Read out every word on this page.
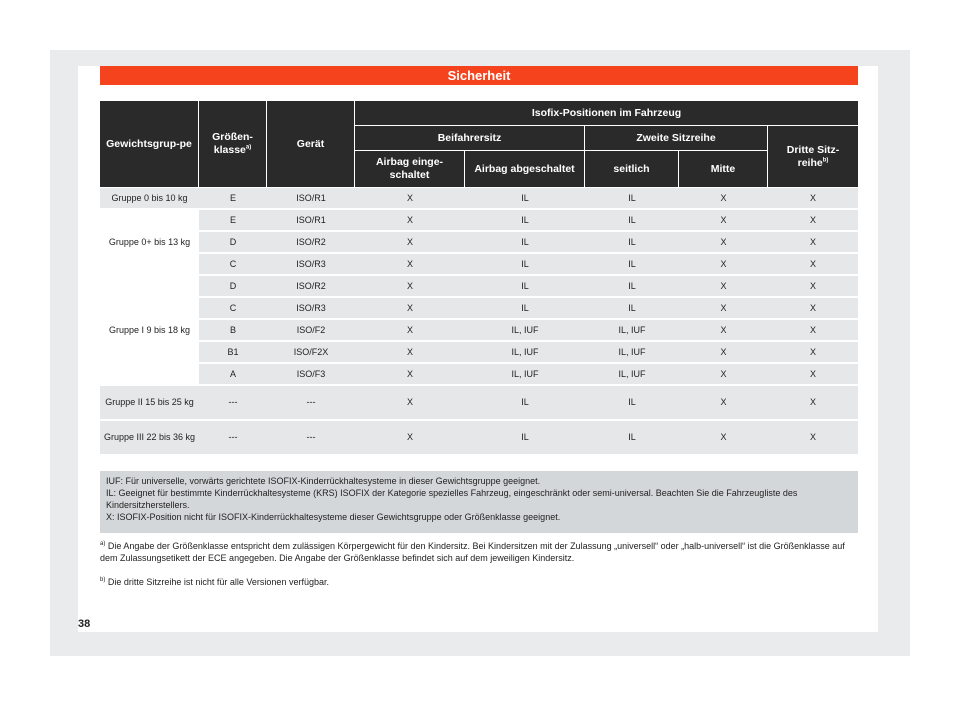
Sicherheit
Gewichtsgrup-pe	Größen-klasse$^{a)}$	Gerät	Isofix-Positionen im Fahrzeug				
			Beifahrersitz		Zweite Sitzreihe		Dritte Sitz-reihe$^{b)}$
			Airbag einge-schaltet	Airbag abgeschaltet	seitlich	Mitte	
Gruppe 0 bis 10 kg	E	ISO/R1	X	IL	IL	X	X
Gruppe 0+ bis 13 kg	E	ISO/R1	X	IL	IL	X	X
	D	ISO/R2	X	IL	IL	X	X
	C	ISO/R3	X	IL	IL	X	X
Gruppe I 9 bis 18 kg	D	ISO/R2	X	IL	IL	X	X
	C	ISO/R3	X	IL	IL	X	X
	B	ISO/F2	X	IL, IUF	IL, IUF	X	X
	B1	ISO/F2X	X	IL, IUF	IL, IUF	X	X
	A	ISO/F3	X	IL, IUF	IL, IUF	X	X
Gruppe II 15 bis 25 kg	---	---	X	IL	IL	X	X
Gruppe III 22 bis 36 kg	---	---	X	IL	IL	X	X
IUF: Für universelle, vorwärts gerichtete ISOFIX-Kinderrückhaltesysteme in dieser Gewichtsgruppe geeignet.
IL: Geeignet für bestimmte Kinderrückhaltesysteme (KRS) ISOFIX der Kategorie spezielles Fahrzeug, eingeschränkt oder semi-universal. Beachten Sie die Fahrzeugliste des Kindersitzherstellers.
X: ISOFIX-Position nicht für ISOFIX-Kinderrückhaltesysteme dieser Gewichtsgruppe oder Größenklasse geeignet.
$^{a)}$ Die Angabe der Größenklasse entspricht dem zulässigen Körpergewicht für den Kindersitz. Bei Kindersitzen mit der Zulassung „universell“ oder „halb-universell“ ist die Größenklasse auf dem Zulassungsetikett der ECE angegeben. Die Angabe der Größenklasse befindet sich auf dem jeweiligen Kindersitz.
$^{b)}$ Die dritte Sitzreihe ist nicht für alle Versionen verfügbar.
38
